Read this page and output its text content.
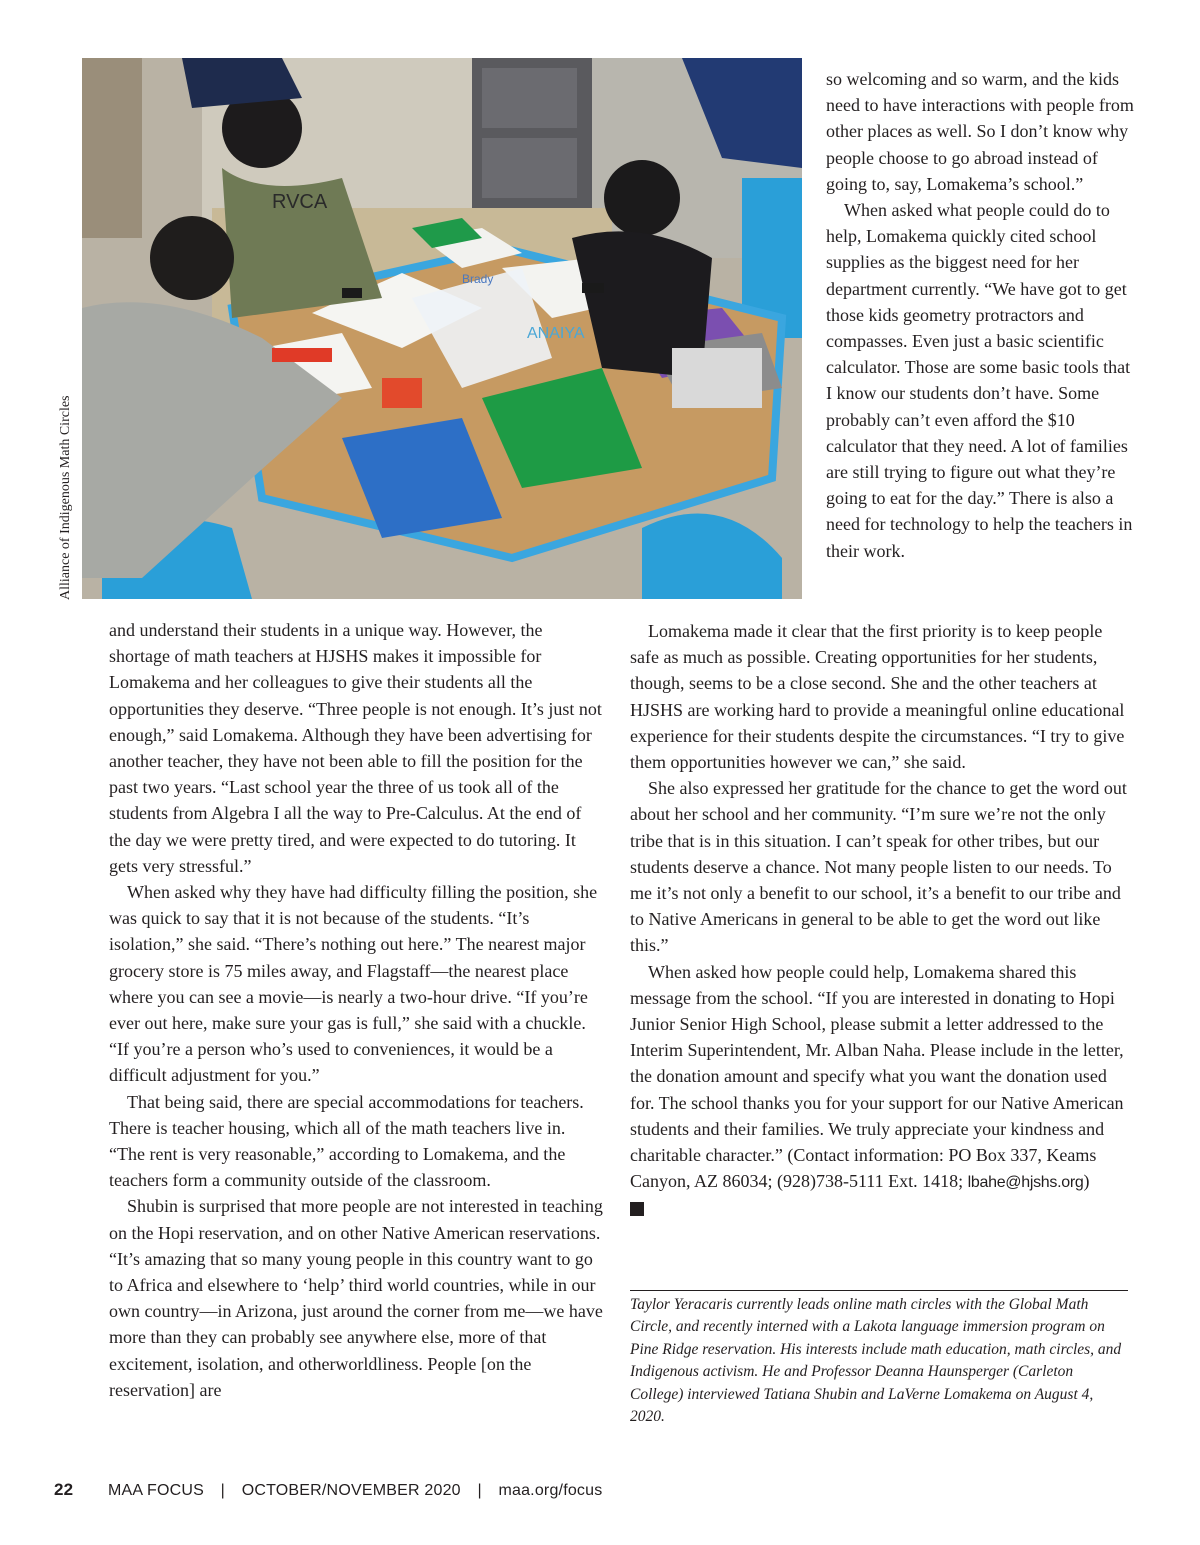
RVCA
Brady
ANAIYA
Alliance of Indigenous Math Circles

so welcoming and so warm, and the kids need to have interactions with people from other places as well. So I don’t know why people choose to go abroad instead of going to, say, Lomakema’s school.”

When asked what people could do to help, Lomakema quickly cited school supplies as the biggest need for her department currently. “We have got to get those kids geometry protractors and compasses. Even just a basic scientific calculator. Those are some basic tools that I know our students don’t have. Some probably can’t even afford the $10 calculator that they need. A lot of families are still trying to figure out what they’re going to eat for the day.” There is also a need for technology to help the teachers in their work.

and understand their students in a unique way. However, the shortage of math teachers at HJSHS makes it impossible for Lomakema and her colleagues to give their students all the opportunities they deserve. “Three people is not enough. It’s just not enough,” said Lomakema. Although they have been advertising for another teacher, they have not been able to fill the position for the past two years. “Last school year the three of us took all of the students from Algebra I all the way to Pre-Calculus. At the end of the day we were pretty tired, and were expected to do tutoring. It gets very stressful.”

When asked why they have had difficulty filling the position, she was quick to say that it is not because of the students. “It’s isolation,” she said. “There’s nothing out here.” The nearest major grocery store is 75 miles away, and Flagstaff—the nearest place where you can see a movie—is nearly a two-hour drive. “If you’re ever out here, make sure your gas is full,” she said with a chuckle. “If you’re a person who’s used to conveniences, it would be a difficult adjustment for you.”

That being said, there are special accommodations for teachers. There is teacher housing, which all of the math teachers live in. “The rent is very reasonable,” according to Lomakema, and the teachers form a community outside of the classroom.

Shubin is surprised that more people are not interested in teaching on the Hopi reservation, and on other Native American reservations. “It’s amazing that so many young people in this country want to go to Africa and elsewhere to ‘help’ third world countries, while in our own country—in Arizona, just around the corner from me—we have more than they can probably see anywhere else, more of that excitement, isolation, and otherworldliness. People [on the reservation] are

Lomakema made it clear that the first priority is to keep people safe as much as possible. Creating opportunities for her students, though, seems to be a close second. She and the other teachers at HJSHS are working hard to provide a meaningful online educational experience for their students despite the circumstances. “I try to give them opportunities however we can,” she said.

She also expressed her gratitude for the chance to get the word out about her school and her community. “I’m sure we’re not the only tribe that is in this situation. I can’t speak for other tribes, but our students deserve a chance. Not many people listen to our needs. To me it’s not only a benefit to our school, it’s a benefit to our tribe and to Native Americans in general to be able to get the word out like this.”

When asked how people could help, Lomakema shared this message from the school. “If you are interested in donating to Hopi Junior Senior High School, please submit a letter addressed to the Interim Superintendent, Mr. Alban Naha. Please include in the letter, the donation amount and specify what you want the donation used for. The school thanks you for your support for our Native American students and their families. We truly appreciate your kindness and charitable character.” (Contact information: PO Box 337, Keams Canyon, AZ 86034; (928)738-5111 Ext. 1418; lbahe@hjshs.org)

Taylor Yeracaris currently leads online math circles with the Global Math Circle, and recently interned with a Lakota language immersion program on Pine Ridge reservation. His interests include math education, math circles, and Indigenous activism. He and Professor Deanna Haunsperger (Carleton College) interviewed Tatiana Shubin and LaVerne Lomakema on August 4, 2020.

22 MAA FOCUS | OCTOBER/NOVEMBER 2020 | maa.org/focus
